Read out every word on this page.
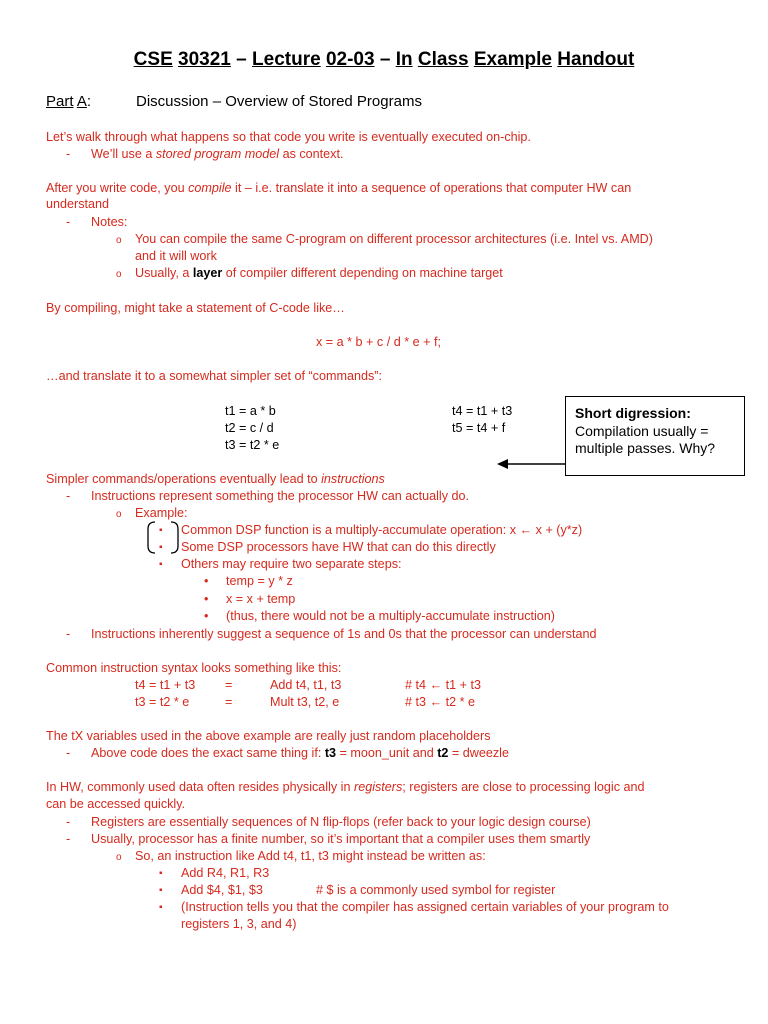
CSE 30321 – Lecture 02-03 – In Class Example Handout
Part A:	Discussion – Overview of Stored Programs
Let’s walk through what happens so that code you write is eventually executed on-chip.
- We’ll use a stored program model as context.
After you write code, you compile it – i.e. translate it into a sequence of operations that computer HW can
understand
- Notes:
o You can compile the same C-program on different processor architectures (i.e. Intel vs. AMD)
and it will work
o Usually, a layer of compiler different depending on machine target
By compiling, might take a statement of C-code like…
x = a * b + c / d * e + f;
…and translate it to a somewhat simpler set of “commands”:
t1 = a * b
t2 = c / d
t3 = t2 * e
t4 = t1 + t3
t5 = t4 + f
Short digression:
Compilation usually =
multiple passes. Why?
Simpler commands/operations eventually lead to instructions
- Instructions represent something the processor HW can actually do.
o Example:
▪ Common DSP function is a multiply-accumulate operation: x ← x + (y*z)
▪ Some DSP processors have HW that can do this directly
▪ Others may require two separate steps:
• temp = y * z
• x = x + temp
• (thus, there would not be a multiply-accumulate instruction)
- Instructions inherently suggest a sequence of 1s and 0s that the processor can understand
Common instruction syntax looks something like this:
t4 = t1 + t3 =	Add t4, t1, t3	# t4 ← t1 + t3
t3 = t2 * e	=	Mult t3, t2, e	# t3 ← t2 * e
The tX variables used in the above example are really just random placeholders
- Above code does the exact same thing if: t3 = moon_unit and t2 = dweezle
In HW, commonly used data often resides physically in registers; registers are close to processing logic and
can be accessed quickly.
- Registers are essentially sequences of N flip-flops (refer back to your logic design course)
- Usually, processor has a finite number, so it’s important that a compiler uses them smartly
o So, an instruction like Add t4, t1, t3 might instead be written as:
▪ Add R4, R1, R3
▪ Add $4, $1, $3	# $ is a commonly used symbol for register
▪ (Instruction tells you that the compiler has assigned certain variables of your program to
registers 1, 3, and 4)
